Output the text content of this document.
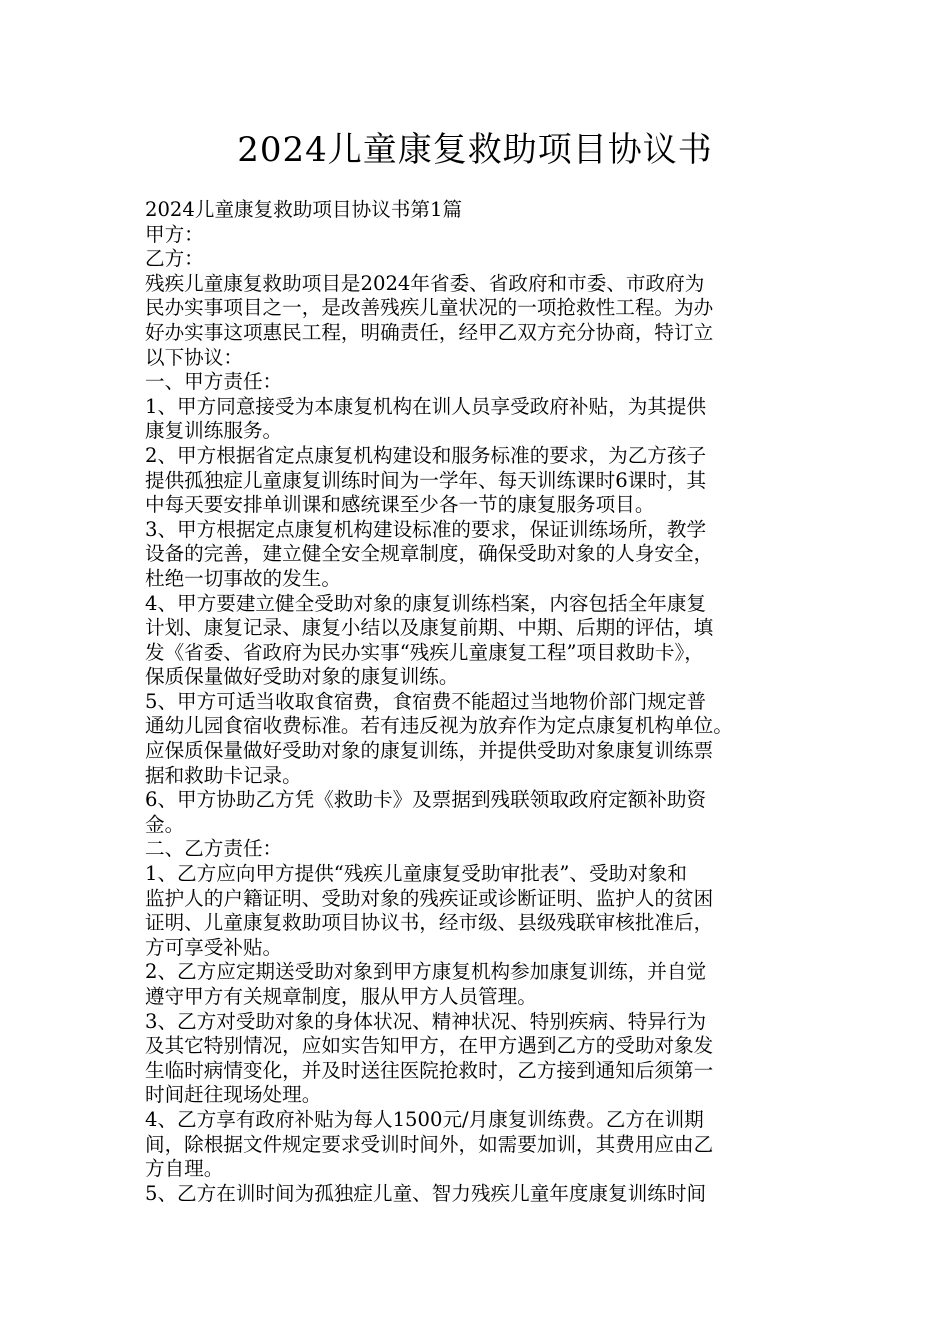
2024儿童康复救助项目协议书
2024儿童康复救助项目协议书第1篇
甲方：
乙方：
残疾儿童康复救助项目是2024年省委、省政府和市委、市政府为
民办实事项目之一，是改善残疾儿童状况的一项抢救性工程。为办
好办实事这项惠民工程，明确责任，经甲乙双方充分协商，特订立
以下协议：
一、甲方责任：
1、甲方同意接受为本康复机构在训人员享受政府补贴，为其提供
康复训练服务。
2、甲方根据省定点康复机构建设和服务标准的要求，为乙方孩子
提供孤独症儿童康复训练时间为一学年、每天训练课时6课时，其
中每天要安排单训课和感统课至少各一节的康复服务项目。
3、甲方根据定点康复机构建设标准的要求，保证训练场所，教学
设备的完善，建立健全安全规章制度，确保受助对象的人身安全，
杜绝一切事故的发生。
4、甲方要建立健全受助对象的康复训练档案，内容包括全年康复
计划、康复记录、康复小结以及康复前期、中期、后期的评估，填
发《省委、省政府为民办实事“残疾儿童康复工程”项目救助卡》，
保质保量做好受助对象的康复训练。
5、甲方可适当收取食宿费，食宿费不能超过当地物价部门规定普
通幼儿园食宿收费标准。若有违反视为放弃作为定点康复机构单位。
应保质保量做好受助对象的康复训练，并提供受助对象康复训练票
据和救助卡记录。
6、甲方协助乙方凭《救助卡》及票据到残联领取政府定额补助资
金。
二、乙方责任：
1、乙方应向甲方提供“残疾儿童康复受助审批表”、受助对象和
监护人的户籍证明、受助对象的残疾证或诊断证明、监护人的贫困
证明、儿童康复救助项目协议书，经市级、县级残联审核批准后，
方可享受补贴。
2、乙方应定期送受助对象到甲方康复机构参加康复训练，并自觉
遵守甲方有关规章制度，服从甲方人员管理。
3、乙方对受助对象的身体状况、精神状况、特别疾病、特异行为
及其它特别情况，应如实告知甲方，在甲方遇到乙方的受助对象发
生临时病情变化，并及时送往医院抢救时，乙方接到通知后须第一
时间赶往现场处理。
4、乙方享有政府补贴为每人1500元/月康复训练费。乙方在训期
间，除根据文件规定要求受训时间外，如需要加训，其费用应由乙
方自理。
5、乙方在训时间为孤独症儿童、智力残疾儿童年度康复训练时间
